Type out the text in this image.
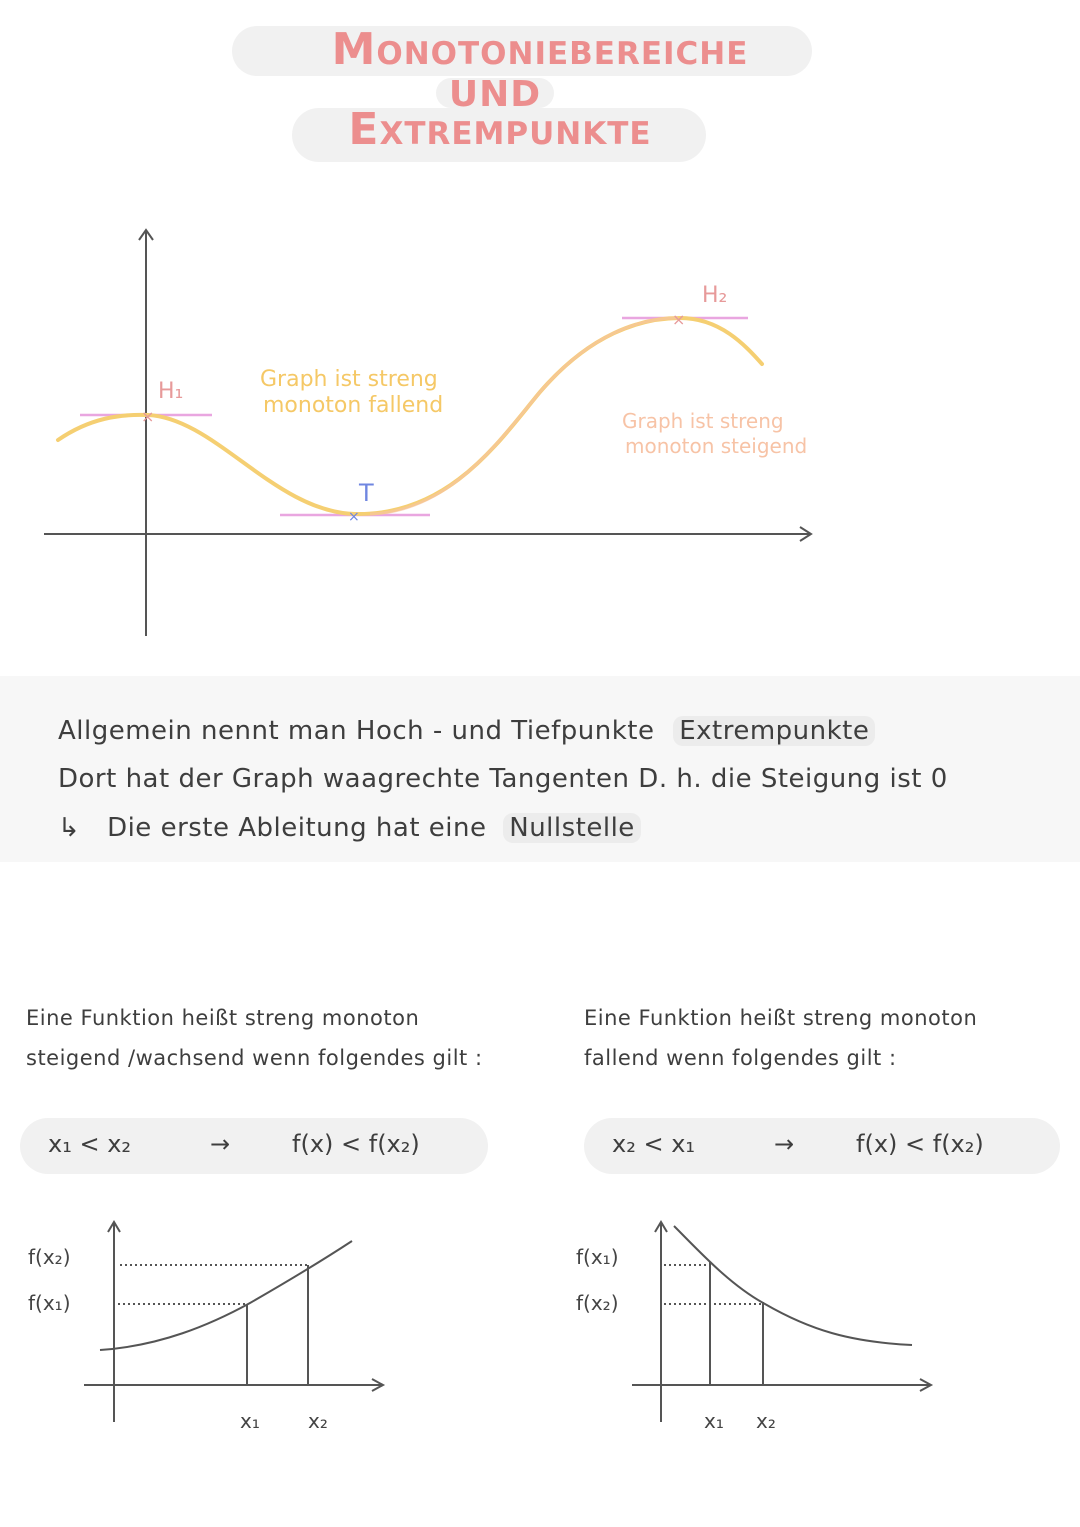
Monotoniebereiche
UND
Extrempunkte
×
×
×
H₁
T
H₂
Graph ist streng
monoton fallend
Graph ist streng
monoton steigend
Allgemein nennt man Hoch - und Tiefpunkte Extrempunkte
Dort hat der Graph waagrechte Tangenten D. h. die Steigung ist 0
↳ Die erste Ableitung hat eine Nullstelle
Eine Funktion heißt streng monoton
steigend /wachsend wenn folgendes gilt :
x₁ < x₂	→	f(x) < f(x₂)
Eine Funktion heißt streng monoton
fallend wenn folgendes gilt :
x₂ < x₁	→	f(x) < f(x₂)
f(x₂)
f(x₁)
x₁ x₂
f(x₁)
f(x₂)
x₁ x₂
